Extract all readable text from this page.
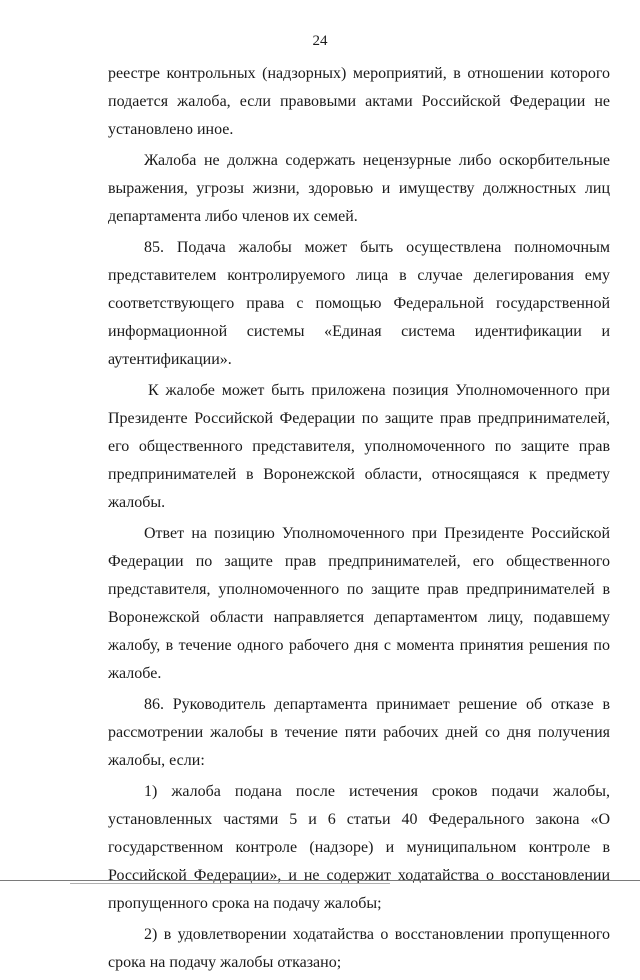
24

реестре контрольных (надзорных) мероприятий, в отношении которого подается жалоба, если правовыми актами Российской Федерации не установлено иное.

Жалоба не должна содержать нецензурные либо оскорбительные выражения, угрозы жизни, здоровью и имуществу должностных лиц департамента либо членов их семей.

85. Подача жалобы может быть осуществлена полномочным представителем контролируемого лица в случае делегирования ему соответствующего права с помощью Федеральной государственной информационной системы «Единая система идентификации и аутентификации».

К жалобе может быть приложена позиция Уполномоченного при Президенте Российской Федерации по защите прав предпринимателей, его общественного представителя, уполномоченного по защите прав предпринимателей в Воронежской области, относящаяся к предмету жалобы.

Ответ на позицию Уполномоченного при Президенте Российской Федерации по защите прав предпринимателей, его общественного представителя, уполномоченного по защите прав предпринимателей в Воронежской области направляется департаментом лицу, подавшему жалобу, в течение одного рабочего дня с момента принятия решения по жалобе.

86. Руководитель департамента принимает решение об отказе в рассмотрении жалобы в течение пяти рабочих дней со дня получения жалобы, если:

1) жалоба подана после истечения сроков подачи жалобы, установленных частями 5 и 6 статьи 40 Федерального закона «О государственном контроле (надзоре) и муниципальном контроле в Российской Федерации», и не содержит ходатайства о восстановлении пропущенного срока на подачу жалобы;

2) в удовлетворении ходатайства о восстановлении пропущенного срока на подачу жалобы отказано;
